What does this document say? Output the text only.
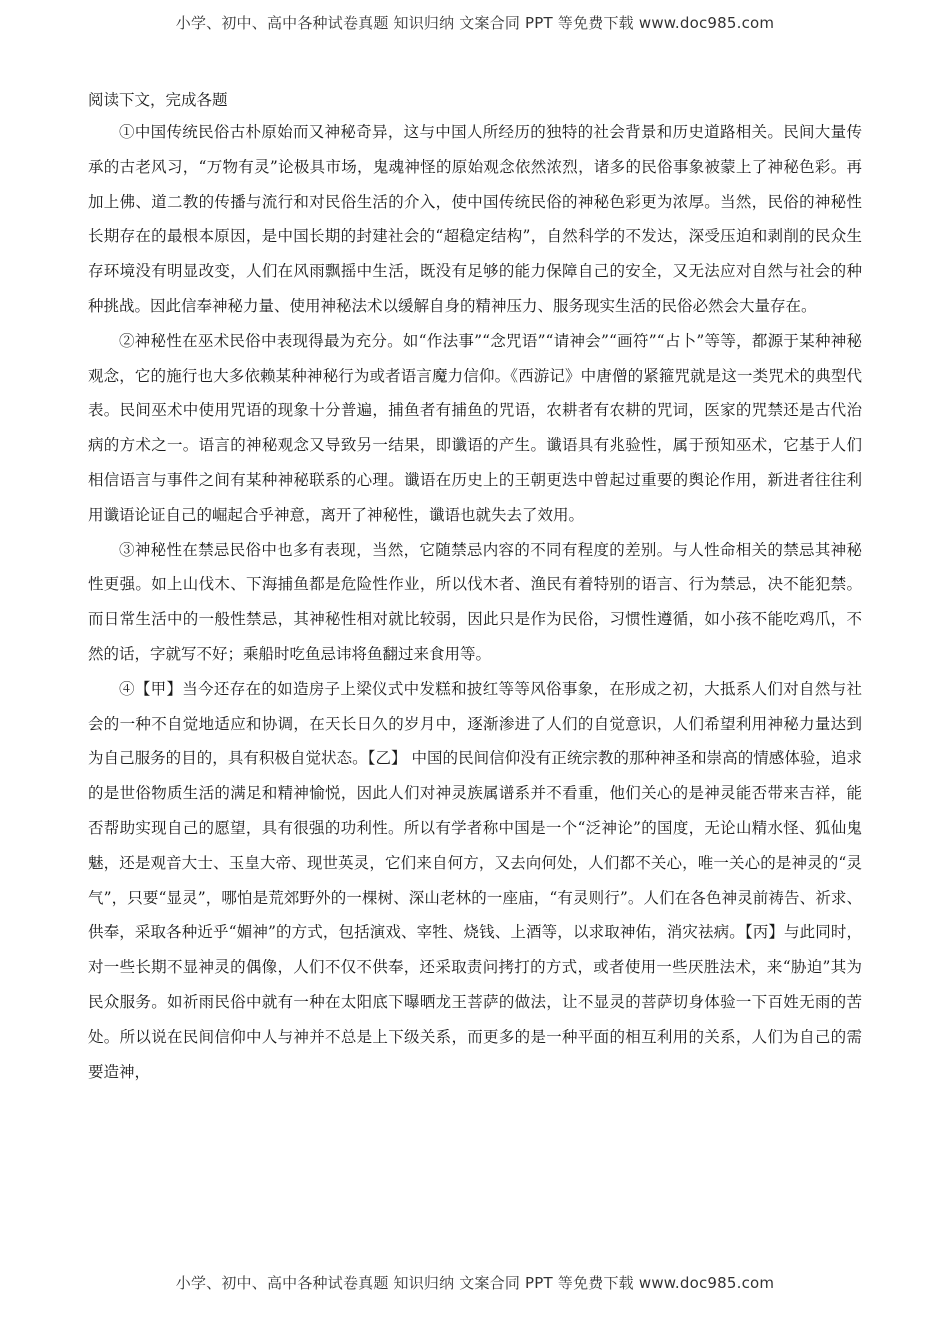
小学、初中、高中各种试卷真题 知识归纳 文案合同 PPT 等免费下载 www.doc985.com

阅读下文，完成各题

①中国传统民俗古朴原始而又神秘奇异，这与中国人所经历的独特的社会背景和历史道路相关。民间大量传承的古老风习，“万物有灵”论极具市场，鬼魂神怪的原始观念依然浓烈，诸多的民俗事象被蒙上了神秘色彩。再加上佛、道二教的传播与流行和对民俗生活的介入，使中国传统民俗的神秘色彩更为浓厚。当然，民俗的神秘性长期存在的最根本原因，是中国长期的封建社会的“超稳定结构”，自然科学的不发达，深受压迫和剥削的民众生存环境没有明显改变，人们在风雨飘摇中生活，既没有足够的能力保障自己的安全，又无法应对自然与社会的种种挑战。因此信奉神秘力量、使用神秘法术以缓解自身的精神压力、服务现实生活的民俗必然会大量存在。

②神秘性在巫术民俗中表现得最为充分。如“作法事”“念咒语”“请神会”“画符”“占卜”等等，都源于某种神秘观念，它的施行也大多依赖某种神秘行为或者语言魔力信仰。《西游记》中唐僧的紧箍咒就是这一类咒术的典型代表。民间巫术中使用咒语的现象十分普遍，捕鱼者有捕鱼的咒语，农耕者有农耕的咒词，医家的咒禁还是古代治病的方术之一。语言的神秘观念又导致另一结果，即谶语的产生。谶语具有兆验性，属于预知巫术，它基于人们相信语言与事件之间有某种神秘联系的心理。谶语在历史上的王朝更迭中曾起过重要的舆论作用，新进者往往利用谶语论证自己的崛起合乎神意，离开了神秘性，谶语也就失去了效用。

③神秘性在禁忌民俗中也多有表现，当然，它随禁忌内容的不同有程度的差别。与人性命相关的禁忌其神秘性更强。如上山伐木、下海捕鱼都是危险性作业，所以伐木者、渔民有着特别的语言、行为禁忌，决不能犯禁。而日常生活中的一般性禁忌，其神秘性相对就比较弱，因此只是作为民俗，习惯性遵循，如小孩不能吃鸡爪，不然的话，字就写不好；乘船时吃鱼忌讳将鱼翻过来食用等。

④【甲】当今还存在的如造房子上梁仪式中发糕和披红等等风俗事象，在形成之初，大抵系人们对自然与社会的一种不自觉地适应和协调，在天长日久的岁月中，逐渐渗进了人们的自觉意识，人们希望利用神秘力量达到为自己服务的目的，具有积极自觉状态。【乙】 中国的民间信仰没有正统宗教的那种神圣和崇高的情感体验，追求的是世俗物质生活的满足和精神愉悦，因此人们对神灵族属谱系并不看重，他们关心的是神灵能否带来吉祥，能否帮助实现自己的愿望，具有很强的功利性。所以有学者称中国是一个“泛神论”的国度，无论山精水怪、狐仙鬼魅，还是观音大士、玉皇大帝、现世英灵，它们来自何方，又去向何处，人们都不关心，唯一关心的是神灵的“灵气”，只要“显灵”，哪怕是荒郊野外的一棵树、深山老林的一座庙，“有灵则行”。人们在各色神灵前祷告、祈求、供奉，采取各种近乎“媚神”的方式，包括演戏、宰牲、烧钱、上酒等，以求取神佑，消灾祛病。【丙】与此同时，对一些长期不显神灵的偶像，人们不仅不供奉，还采取责问拷打的方式，或者使用一些厌胜法术，来“胁迫”其为民众服务。如祈雨民俗中就有一种在太阳底下曝晒龙王菩萨的做法，让不显灵的菩萨切身体验一下百姓无雨的苦处。所以说在民间信仰中人与神并不总是上下级关系，而更多的是一种平面的相互利用的关系，人们为自己的需要造神，

小学、初中、高中各种试卷真题 知识归纳 文案合同 PPT 等免费下载 www.doc985.com
